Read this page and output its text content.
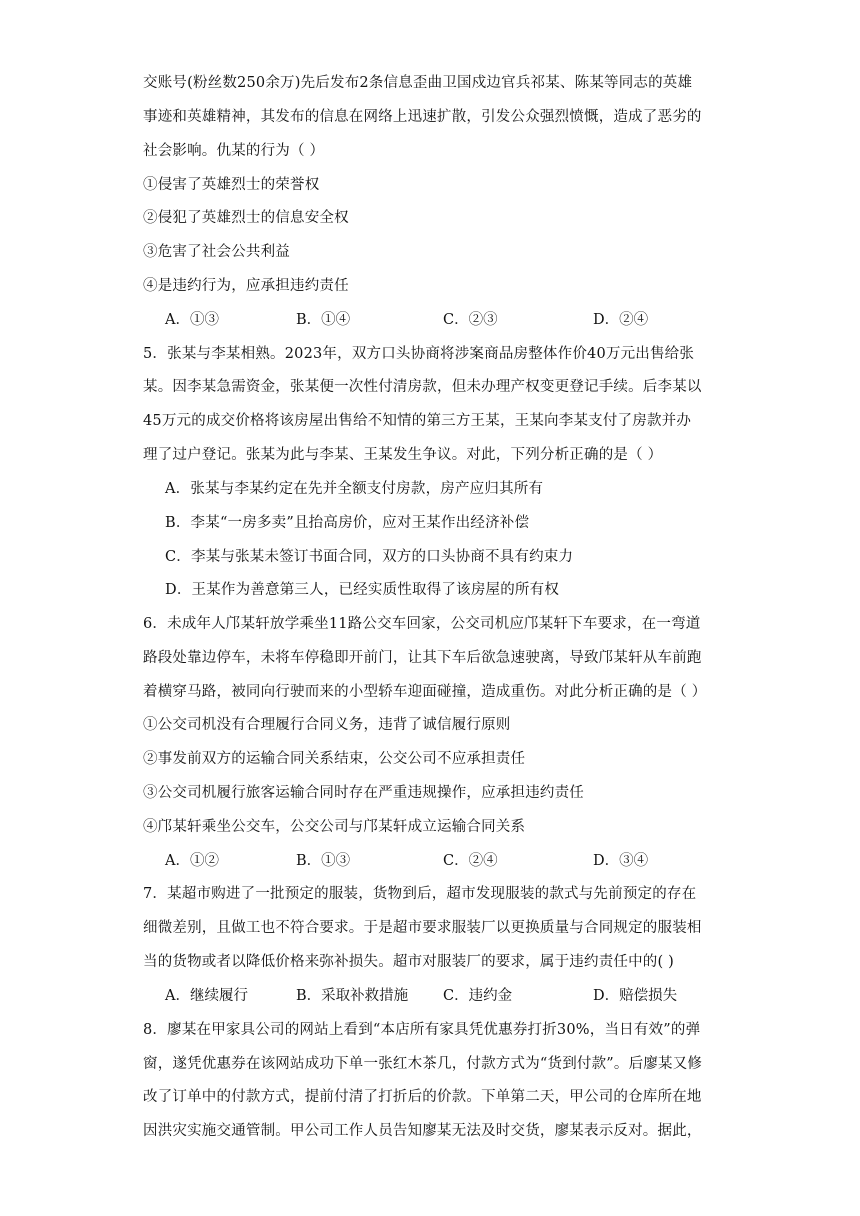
交账号(粉丝数250余万)先后发布2条信息歪曲卫国戍边官兵祁某、陈某等同志的英雄
事迹和英雄精神，其发布的信息在网络上迅速扩散，引发公众强烈愤慨，造成了恶劣的
社会影响。仇某的行为（ ）
①侵害了英雄烈士的荣誉权
②侵犯了英雄烈士的信息安全权
③危害了社会公共利益
④是违约行为，应承担违约责任
A．①③	B．①④	C．②③	D．②④
5．张某与李某相熟。2023年，双方口头协商将涉案商品房整体作价40万元出售给张
某。因李某急需资金，张某便一次性付清房款，但未办理产权变更登记手续。后李某以
45万元的成交价格将该房屋出售给不知情的第三方王某，王某向李某支付了房款并办
理了过户登记。张某为此与李某、王某发生争议。对此，下列分析正确的是（ ）
A．张某与李某约定在先并全额支付房款，房产应归其所有
B．李某“一房多卖”且抬高房价，应对王某作出经济补偿
C．李某与张某未签订书面合同，双方的口头协商不具有约束力
D．王某作为善意第三人，已经实质性取得了该房屋的所有权
6．未成年人邝某轩放学乘坐11路公交车回家，公交司机应邝某轩下车要求，在一弯道
路段处靠边停车，未将车停稳即开前门，让其下车后欲急速驶离，导致邝某轩从车前跑
着横穿马路，被同向行驶而来的小型轿车迎面碰撞，造成重伤。对此分析正确的是（ ）
①公交司机没有合理履行合同义务，违背了诚信履行原则
②事发前双方的运输合同关系结束，公交公司不应承担责任
③公交司机履行旅客运输合同时存在严重违规操作，应承担违约责任
④邝某轩乘坐公交车，公交公司与邝某轩成立运输合同关系
A．①②	B．①③	C．②④	D．③④
7．某超市购进了一批预定的服装，货物到后，超市发现服装的款式与先前预定的存在
细微差别，且做工也不符合要求。于是超市要求服装厂以更换质量与合同规定的服装相
当的货物或者以降低价格来弥补损失。超市对服装厂的要求，属于违约责任中的( )
A．继续履行	B．采取补救措施 C．违约金	D．赔偿损失
8．廖某在甲家具公司的网站上看到“本店所有家具凭优惠券打折30%，当日有效”的弹
窗，遂凭优惠券在该网站成功下单一张红木茶几，付款方式为“货到付款”。后廖某又修
改了订单中的付款方式，提前付清了打折后的价款。下单第二天，甲公司的仓库所在地
因洪灾实施交通管制。甲公司工作人员告知廖某无法及时交货，廖某表示反对。据此，
